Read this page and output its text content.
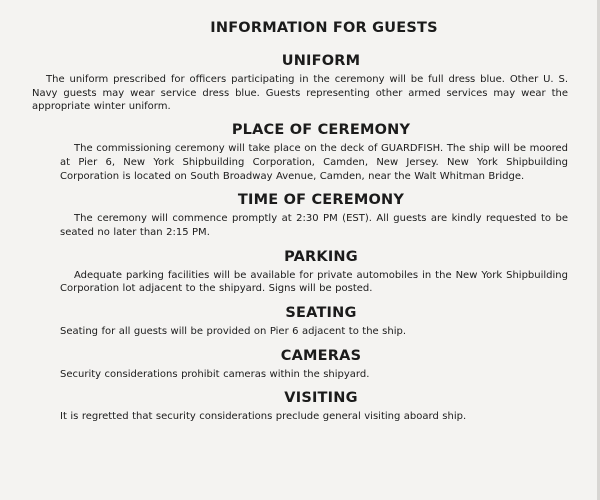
INFORMATION FOR GUESTS
UNIFORM

The uniform prescribed for officers participating in the ceremony will be full dress blue. Other U. S. Navy guests may wear service dress blue. Guests representing other armed services may wear the appropriate winter uniform.

PLACE OF CEREMONY

The commissioning ceremony will take place on the deck of GUARDFISH. The ship will be moored at Pier 6, New York Shipbuilding Corporation, Camden, New Jersey. New York Shipbuilding Corporation is located on South Broadway Avenue, Camden, near the Walt Whitman Bridge.

TIME OF CEREMONY

The ceremony will commence promptly at 2:30 PM (EST). All guests are kindly requested to be seated no later than 2:15 PM.

PARKING

Adequate parking facilities will be available for private automobiles in the New York Shipbuilding Corporation lot adjacent to the shipyard. Signs will be posted.

SEATING

Seating for all guests will be provided on Pier 6 adjacent to the ship.

CAMERAS

Security considerations prohibit cameras within the shipyard.

VISITING

It is regretted that security considerations preclude general visiting aboard ship.
